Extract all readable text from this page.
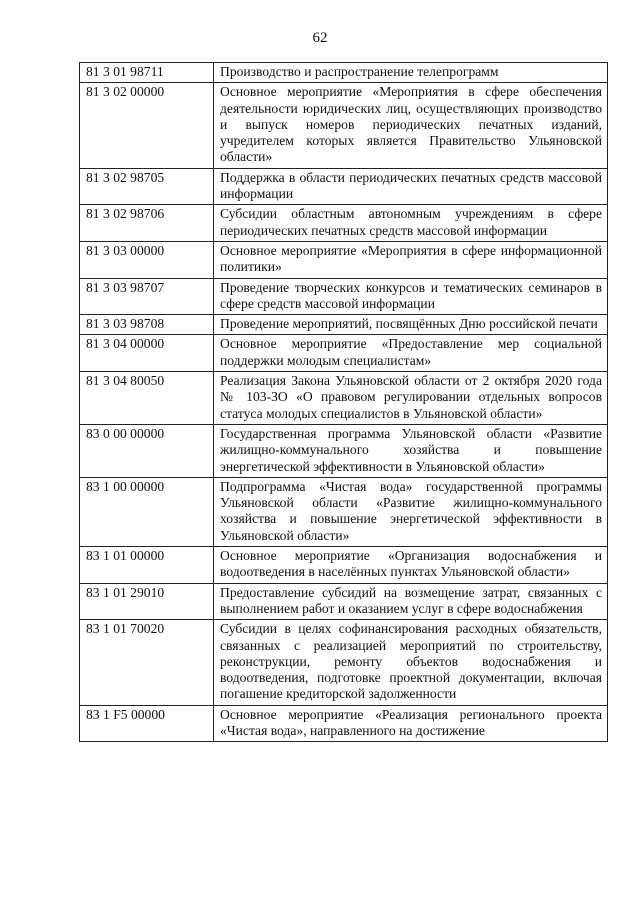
62
81 3 01 98711	Производство и распространение телепрограмм
81 3 02 00000	Основное мероприятие «Мероприятия в сфере обеспечения деятельности юридических лиц, осуществляющих производство и выпуск номеров периодических печатных изданий, учредителем которых является Правительство Ульяновской области»
81 3 02 98705	Поддержка в области периодических печатных средств массовой информации
81 3 02 98706	Субсидии областным автономным учреждениям в сфере периодических печатных средств массовой информации
81 3 03 00000	Основное мероприятие «Мероприятия в сфере информационной политики»
81 3 03 98707	Проведение творческих конкурсов и тематических семинаров в сфере средств массовой информации
81 3 03 98708	Проведение мероприятий, посвящённых Дню российской печати
81 3 04 00000	Основное мероприятие «Предоставление мер социальной поддержки молодым специалистам»
81 3 04 80050	Реализация Закона Ульяновской области от 2 октября 2020 года № 103-ЗО «О правовом регулировании отдельных вопросов статуса молодых специалистов в Ульяновской области»
83 0 00 00000	Государственная программа Ульяновской области «Развитие жилищно-коммунального хозяйства и повышение энергетической эффективности в Ульяновской области»
83 1 00 00000	Подпрограмма «Чистая вода» государственной программы Ульяновской области «Развитие жилищно-коммунального хозяйства и повышение энергетической эффективности в Ульяновской области»
83 1 01 00000	Основное мероприятие «Организация водоснабжения и водоотведения в населённых пунктах Ульяновской области»
83 1 01 29010	Предоставление субсидий на возмещение затрат, связанных с выполнением работ и оказанием услуг в сфере водоснабжения
83 1 01 70020	Субсидии в целях софинансирования расходных обязательств, связанных с реализацией мероприятий по строительству, реконструкции, ремонту объектов водоснабжения и водоотведения, подготовке проектной документации, включая погашение кредиторской задолженности
83 1 F5 00000	Основное мероприятие «Реализация регионального проекта «Чистая вода», направленного на достижение
